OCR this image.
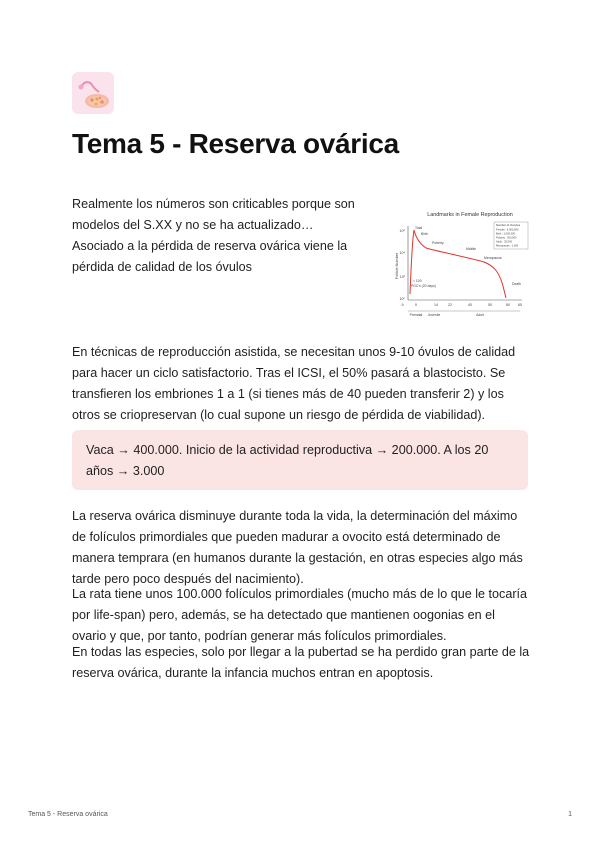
Tema 5 - Reserva ovárica

Realmente los números son criticables porque son modelos del S.XX y no se ha actualizado…

Asociado a la pérdida de reserva ovárica viene la pérdida de calidad de los óvulos

Landmarks in Female Reproduction
Follicle Number
10⁶
10⁴
10²
10⁰
-9	0	14	22	40	50	60 65
Total
Birth
Puberty
Middle
Menopause
Death
< 100
PGC's (20 days)
Number of Oocytes
Female : 6,000,000
Birth : 1,000,000
Puberty : 300,000
Adult : 25,000
Menopause : 1,000
Prenatal Juvenile	Adult

En técnicas de reproducción asistida, se necesitan unos 9-10 óvulos de calidad para hacer un ciclo satisfactorio. Tras el ICSI, el 50% pasará a blastocisto. Se transfieren los embriones 1 a 1 (si tienes más de 40 pueden transferir 2) y los otros se criopreservan (lo cual supone un riesgo de pérdida de viabilidad).

Vaca → 400.000. Inicio de la actividad reproductiva → 200.000. A los 20 años → 3.000

La reserva ovárica disminuye durante toda la vida, la determinación del máximo de folículos primordiales que pueden madurar a ovocito está determinado de manera temprara (en humanos durante la gestación, en otras especies algo más tarde pero poco después del nacimiento).

La rata tiene unos 100.000 folículos primordiales (mucho más de lo que le tocaría por life-span) pero, además, se ha detectado que mantienen oogonias en el ovario y que, por tanto, podrían generar más folículos primordiales.

En todas las especies, solo por llegar a la pubertad se ha perdido gran parte de la reserva ovárica, durante la infancia muchos entran en apoptosis.

Tema 5 - Reserva ovárica	1
